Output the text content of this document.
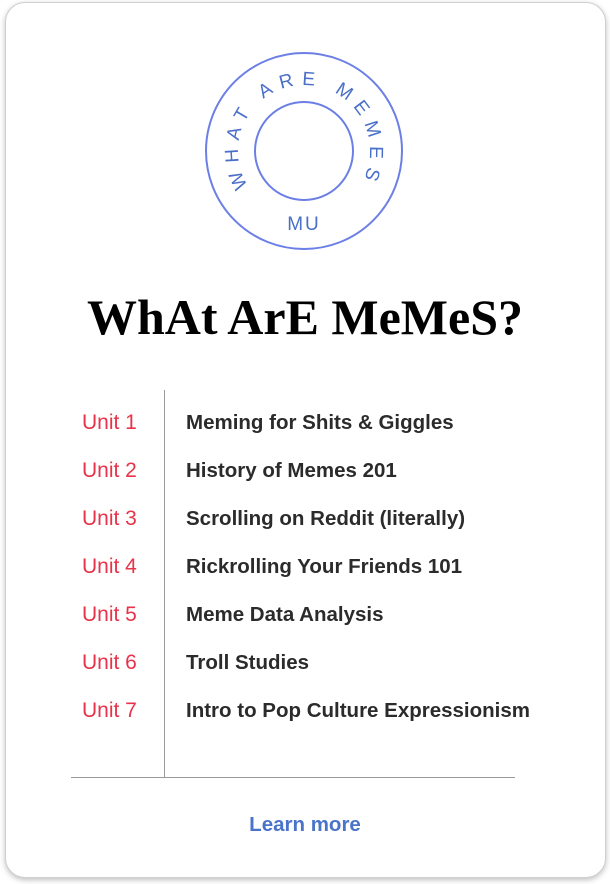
WHAT ARE MEMES
MU
WhAt ArE MeMeS?
Unit 1 Meming for Shits & Giggles
Unit 2 History of Memes 201
Unit 3 Scrolling on Reddit (literally)
Unit 4 Rickrolling Your Friends 101
Unit 5 Meme Data Analysis
Unit 6 Troll Studies
Unit 7 Intro to Pop Culture Expressionism
Learn more
